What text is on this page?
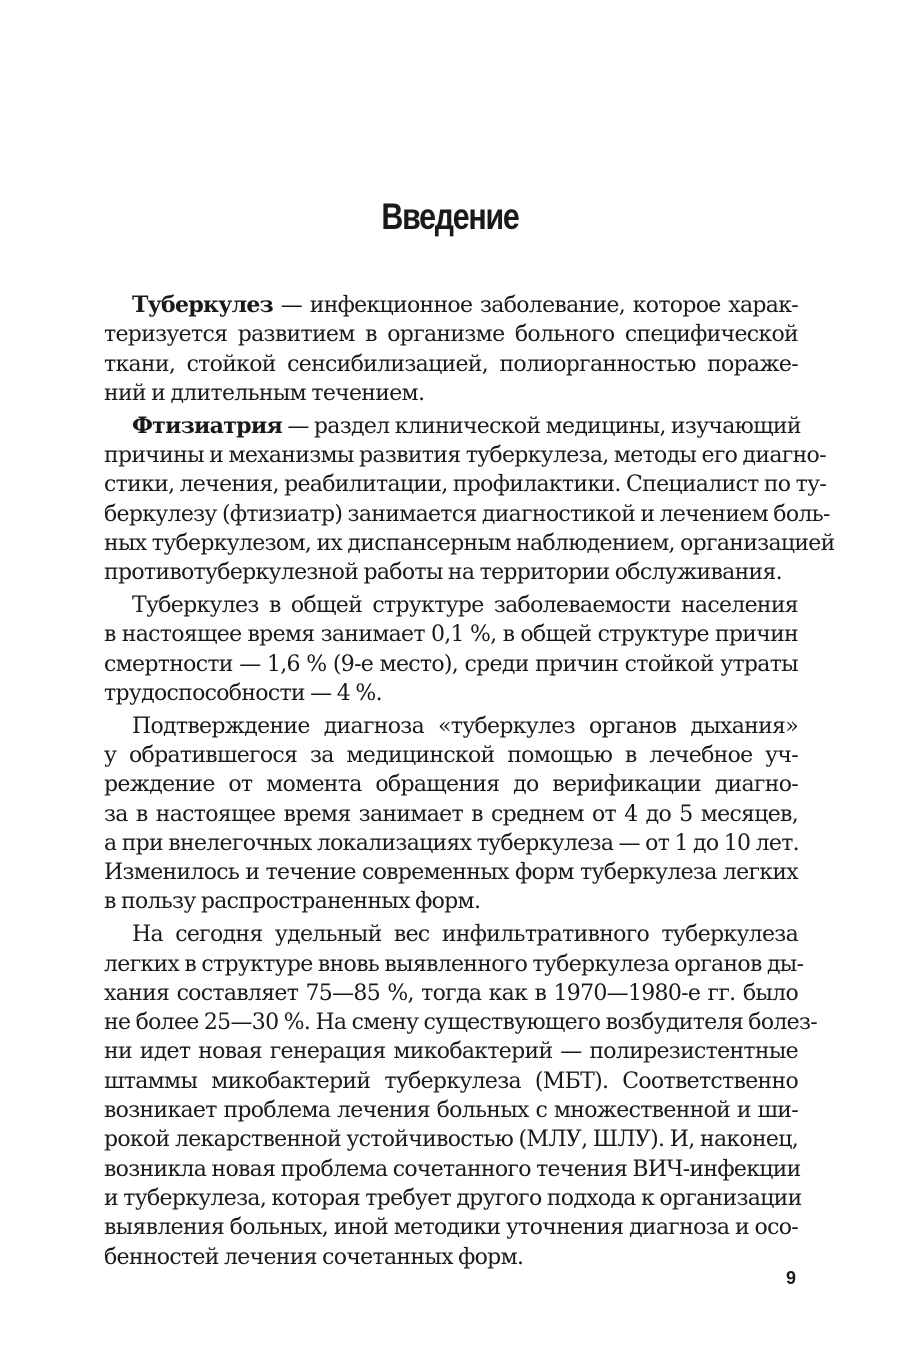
Введение
Туберкулез — инфекционное заболевание, которое харак-
теризуется развитием в организме больного специфической
ткани, стойкой сенсибилизацией, полиорганностью пораже-
ний и длительным течением.
Фтизиатрия — раздел клинической медицины, изучающий
причины и механизмы развития туберкулеза, методы его диагно-
стики, лечения, реабилитации, профилактики. Специалист по ту-
беркулезу (фтизиатр) занимается диагностикой и лечением боль-
ных туберкулезом, их диспансерным наблюдением, организацией
противотуберкулезной работы на территории обслуживания.
Туберкулез в общей структуре заболеваемости населения
в настоящее время занимает 0,1 %, в общей структуре причин
смертности — 1,6 % (9-е место), среди причин стойкой утраты
трудоспособности — 4 %.
Подтверждение диагноза «туберкулез органов дыхания»
у обратившегося за медицинской помощью в лечебное уч-
реждение от момента обращения до верификации диагно-
за в настоящее время занимает в среднем от 4 до 5 месяцев,
а при внелегочных локализациях туберкулеза — от 1 до 10 лет.
Изменилось и течение современных форм туберкулеза легких
в пользу распространенных форм.
На сегодня удельный вес инфильтративного туберкулеза
легких в структуре вновь выявленного туберкулеза органов ды-
хания составляет 75—85 %, тогда как в 1970—1980-е гг. было
не более 25—30 %. На смену существующего возбудителя болез-
ни идет новая генерация микобактерий — полирезистентные
штаммы микобактерий туберкулеза (МБТ). Соответственно
возникает проблема лечения больных с множественной и ши-
рокой лекарственной устойчивостью (МЛУ, ШЛУ). И, наконец,
возникла новая проблема сочетанного течения ВИЧ-инфекции
и туберкулеза, которая требует другого подхода к организации
выявления больных, иной методики уточнения диагноза и осо-
бенностей лечения сочетанных форм.
9
